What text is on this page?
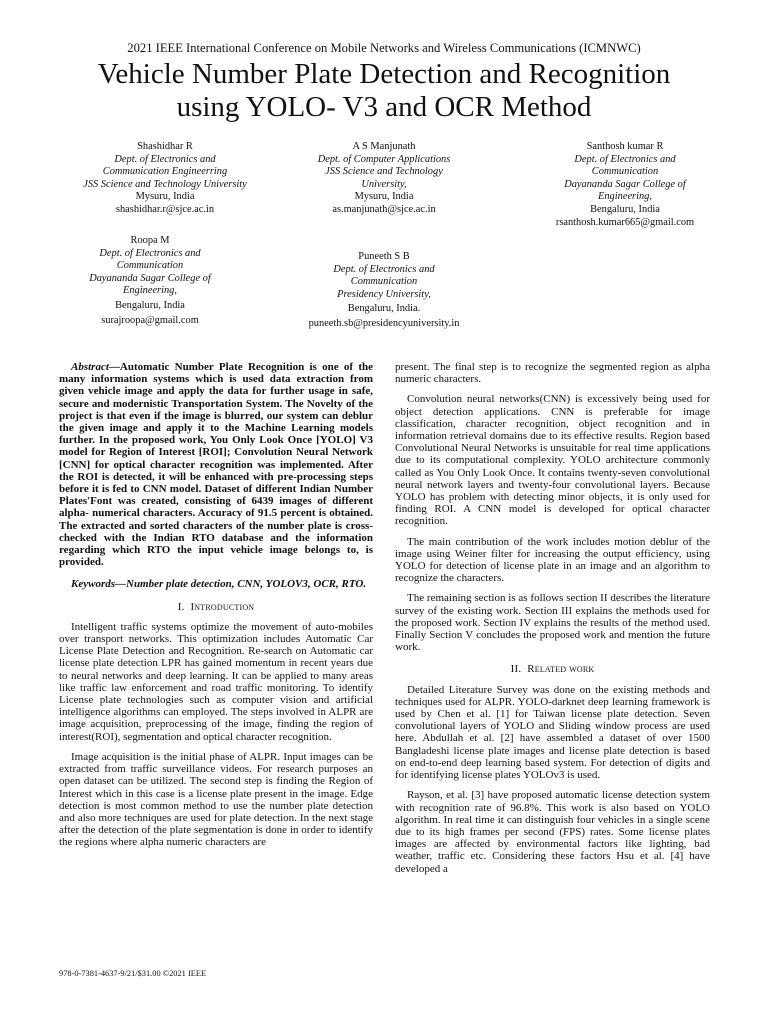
2021 IEEE International Conference on Mobile Networks and Wireless Communications (ICMNWC)
Vehicle Number Plate Detection and Recognition
using YOLO- V3 and OCR Method
Shashidhar R
Dept. of Electronics and
Communication Engineerring
JSS Science and Technology University
Mysuru, India
shashidhar.r@sjce.ac.in
A S Manjunath
Dept. of Computer Applications
JSS Science and Technology
University,
Mysuru, India
as.manjunath@sjce.ac.in
Santhosh kumar R
Dept. of Electronics and
Communication
Dayananda Sagar College of
Engineering,
Bengaluru, India
rsanthosh.kumar665@gmail.com
Roopa M
Dept. of Electronics and
Communication
Dayananda Sagar College of
Engineering,
Bengaluru, India
surajroopa@gmail.com
Puneeth S B
Dept. of Electronics and
Communication
Presidency University,
Bengaluru, India.
puneeth.sb@presidencyuniversity.in

Abstract—Automatic Number Plate Recognition is one of the many information systems which is used data extraction from given vehicle image and apply the data for further usage in safe, secure and modernistic Transportation System. The Novelty of the project is that even if the image is blurred, our system can deblur the given image and apply it to the Machine Learning models further. In the proposed work, You Only Look Once [YOLO] V3 model for Region of Interest [ROI]; Convolution Neural Network [CNN] for optical character recognition was implemented. After the ROI is detected, it will be enhanced with pre-processing steps before it is fed to CNN model. Dataset of different Indian Number Plates'Font was created, consisting of 6439 images of different alpha- numerical characters. Accuracy of 91.5 percent is obtained. The extracted and sorted characters of the number plate is cross- checked with the Indian RTO database and the information regarding which RTO the input vehicle image belongs to, is provided.

Keywords—Number plate detection, CNN, YOLOV3, OCR, RTO.

I. Introduction

Intelligent traffic systems optimize the movement of auto-mobiles over transport networks. This optimization includes Automatic Car License Plate Detection and Recognition. Re-search on Automatic car license plate detection LPR has gained momentum in recent years due to neural networks and deep learning. It can be applied to many areas like traffic law enforcement and road traffic monitoring. To identify License plate technologies such as computer vision and artificial intelligence algorithms can employed. The steps involved in ALPR are image acquisition, preprocessing of the image, finding the region of interest(ROI), segmentation and optical character recognition.

Image acquisition is the initial phase of ALPR. Input images can be extracted from traffic surveillance videos. For research purposes an open dataset can be utilized. The second step is finding the Region of Interest which in this case is a license plate present in the image. Edge detection is most common method to use the number plate detection and also more techniques are used for plate detection. In the next stage after the detection of the plate segmentation is done in order to identify the regions where alpha numeric characters are

present. The final step is to recognize the segmented region as alpha numeric characters.

Convolution neural networks(CNN) is excessively being used for object detection applications. CNN is preferable for image classification, character recognition, object recognition and in information retrieval domains due to its effective results. Region based Convolutional Neural Networks is unsuitable for real time applications due to its computational complexity. YOLO architecture commonly called as You Only Look Once. It contains twenty-seven convolutional neural network layers and twenty-four convolutional layers. Because YOLO has problem with detecting minor objects, it is only used for finding ROI. A CNN model is developed for optical character recognition.

The main contribution of the work includes motion deblur of the image using Weiner filter for increasing the output efficiency, using YOLO for detection of license plate in an image and an algorithm to recognize the characters.

The remaining section is as follows section II describes the literature survey of the existing work. Section III explains the methods used for the proposed work. Section IV explains the results of the method used. Finally Section V concludes the proposed work and mention the future work.

II. Related work

Detailed Literature Survey was done on the existing methods and techniques used for ALPR. YOLO-darknet deep learning framework is used by Chen et al. [1] for Taiwan license plate detection. Seven convolutional layers of YOLO and Sliding window process are used here. Abdullah et al. [2] have assembled a dataset of over 1500 Bangladeshi license plate images and license plate detection is based on end-to-end deep learning based system. For detection of digits and for identifying license plates YOLOv3 is used.

Rayson, et al. [3] have proposed automatic license detection system with recognition rate of 96.8%. This work is also based on YOLO algorithm. In real time it can distinguish four vehicles in a single scene due to its high frames per second (FPS) rates. Some license plates images are affected by environmental factors like lighting, bad weather, traffic etc. Considering these factors Hsu et al. [4] have developed a

978-0-7381-4637-9/21/$31.00 ©2021 IEEE
